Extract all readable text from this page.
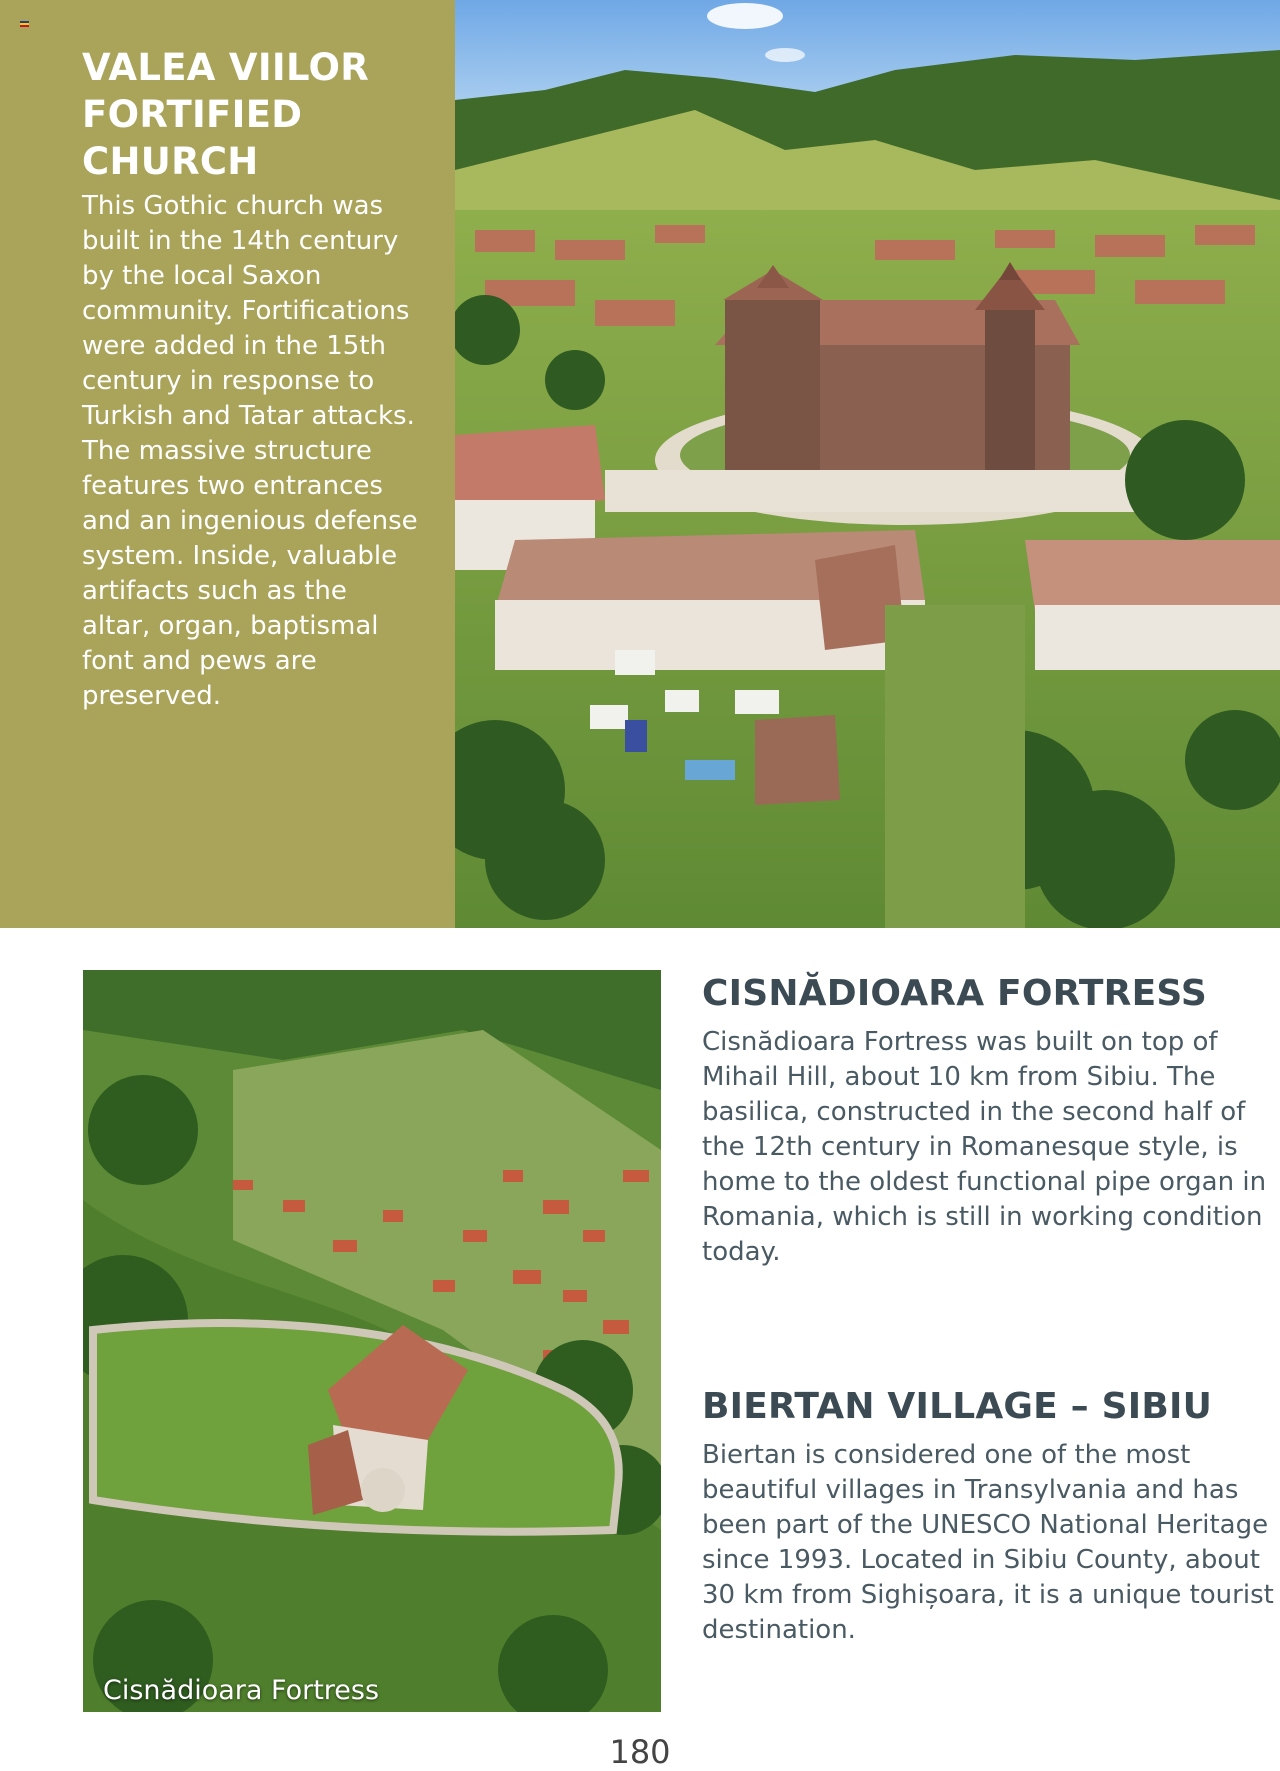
VALEA VIILOR FORTIFIED CHURCH

This Gothic church was built in the 14th century by the local Saxon community. Fortifications were added in the 15th century in response to Turkish and Tatar attacks. The massive structure features two entrances and an ingenious defense system. Inside, valuable artifacts such as the altar, organ, baptismal font and pews are preserved.

Cisnădioara Fortress
CISNĂDIOARA FORTRESS

Cisnădioara Fortress was built on top of Mihail Hill, about 10 km from Sibiu. The basilica, constructed in the second half of the 12th century in Romanesque style, is home to the oldest functional pipe organ in Romania, which is still in working condition today.

BIERTAN VILLAGE – SIBIU

Biertan is considered one of the most beautiful villages in Transylvania and has been part of the UNESCO National Heritage since 1993. Located in Sibiu County, about 30 km from Sighișoara, it is a unique tourist destination.

180
